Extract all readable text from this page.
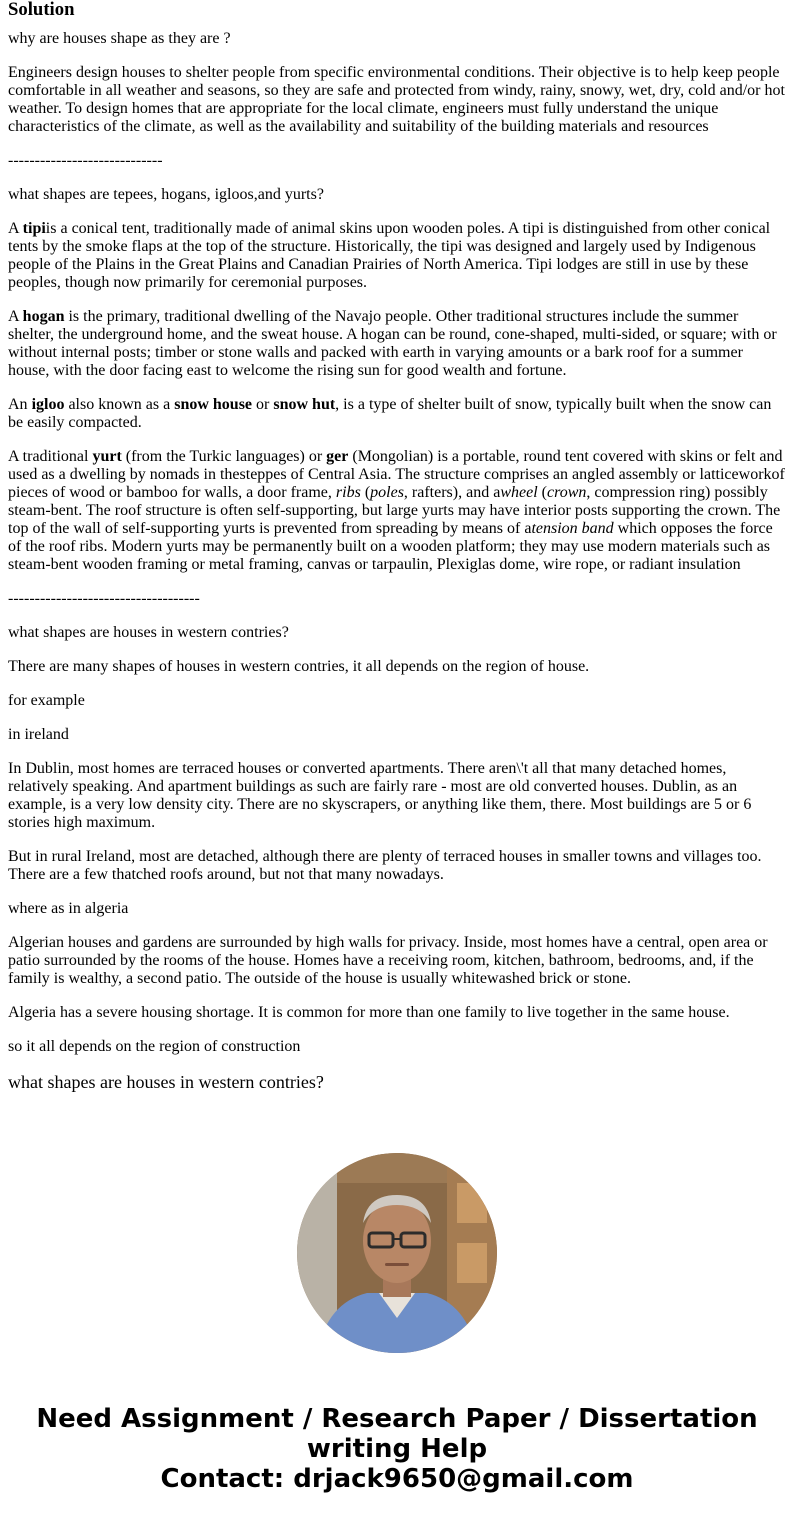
Solution

why are houses shape as they are ?

Engineers design houses to shelter people from specific environmental conditions. Their objective is to help keep people comfortable in all weather and seasons, so they are safe and protected from windy, rainy, snowy, wet, dry, cold and/or hot weather. To design homes that are appropriate for the local climate, engineers must fully understand the unique characteristics of the climate, as well as the availability and suitability of the building materials and resources

-----------------------------

what shapes are tepees, hogans, igloos,and yurts?

A tipiis a conical tent, traditionally made of animal skins upon wooden poles. A tipi is distinguished from other conical tents by the smoke flaps at the top of the structure. Historically, the tipi was designed and largely used by Indigenous people of the Plains in the Great Plains and Canadian Prairies of North America. Tipi lodges are still in use by these peoples, though now primarily for ceremonial purposes.

A hogan is the primary, traditional dwelling of the Navajo people. Other traditional structures include the summer shelter, the underground home, and the sweat house. A hogan can be round, cone-shaped, multi-sided, or square; with or without internal posts; timber or stone walls and packed with earth in varying amounts or a bark roof for a summer house, with the door facing east to welcome the rising sun for good wealth and fortune.

An igloo also known as a snow house or snow hut, is a type of shelter built of snow, typically built when the snow can be easily compacted.

A traditional yurt (from the Turkic languages) or ger (Mongolian) is a portable, round tent covered with skins or felt and used as a dwelling by nomads in thesteppes of Central Asia. The structure comprises an angled assembly or latticeworkof pieces of wood or bamboo for walls, a door frame, ribs (poles, rafters), and awheel (crown, compression ring) possibly steam-bent. The roof structure is often self-supporting, but large yurts may have interior posts supporting the crown. The top of the wall of self-supporting yurts is prevented from spreading by means of atension band which opposes the force of the roof ribs. Modern yurts may be permanently built on a wooden platform; they may use modern materials such as steam-bent wooden framing or metal framing, canvas or tarpaulin, Plexiglas dome, wire rope, or radiant insulation

------------------------------------

what shapes are houses in western contries?

There are many shapes of houses in western contries, it all depends on the region of house.

for example

in ireland

In Dublin, most homes are terraced houses or converted apartments. There aren\'t all that many detached homes, relatively speaking. And apartment buildings as such are fairly rare - most are old converted houses. Dublin, as an example, is a very low density city. There are no skyscrapers, or anything like them, there. Most buildings are 5 or 6 stories high maximum.

But in rural Ireland, most are detached, although there are plenty of terraced houses in smaller towns and villages too. There are a few thatched roofs around, but not that many nowadays.

where as in algeria

Algerian houses and gardens are surrounded by high walls for privacy. Inside, most homes have a central, open area or patio surrounded by the rooms of the house. Homes have a receiving room, kitchen, bathroom, bedrooms, and, if the family is wealthy, a second patio. The outside of the house is usually whitewashed brick or stone.

Algeria has a severe housing shortage. It is common for more than one family to live together in the same house.

so it all depends on the region of construction

what shapes are houses in western contries?
Need Assignment / Research Paper / Dissertation
writing Help
Contact: drjack9650@gmail.com
